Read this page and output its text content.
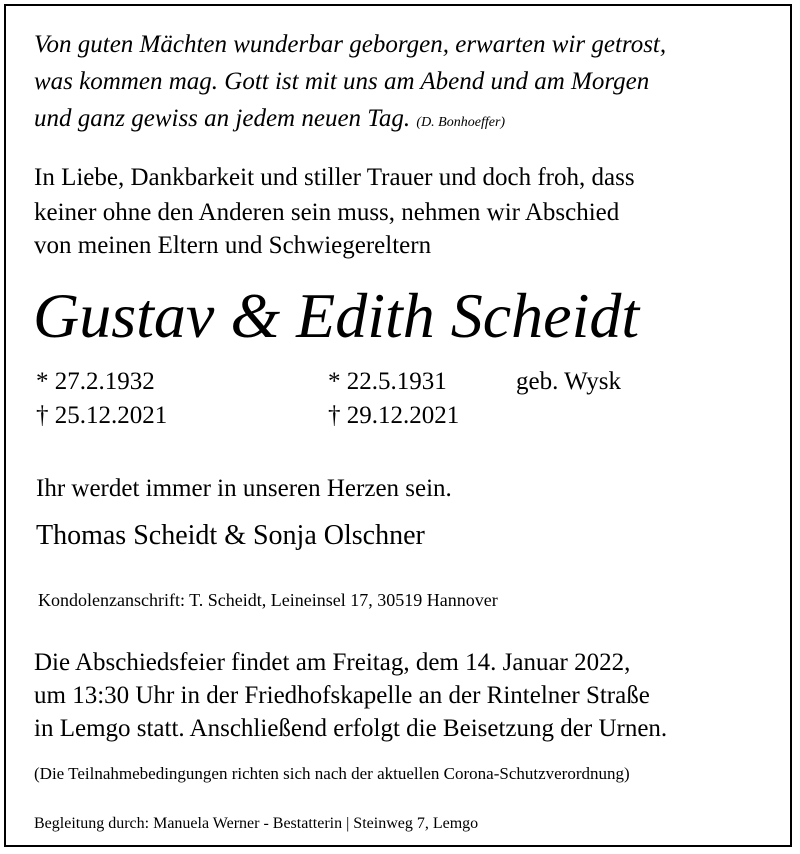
Von guten Mächten wunderbar geborgen, erwarten wir getrost,
was kommen mag. Gott ist mit uns am Abend und am Morgen
und ganz gewiss an jedem neuen Tag. (D. Bonhoeffer)
In Liebe, Dankbarkeit und stiller Trauer und doch froh, dass
keiner ohne den Anderen sein muss, nehmen wir Abschied
von meinen Eltern und Schwiegereltern
Gustav & Edith Scheidt
* 27.2.1932
† 25.12.2021
* 22.5.1931
† 29.12.2021
geb. Wysk
Ihr werdet immer in unseren Herzen sein.
Thomas Scheidt & Sonja Olschner
Kondolenzanschrift: T. Scheidt, Leineinsel 17, 30519 Hannover
Die Abschiedsfeier findet am Freitag, dem 14. Januar 2022,
um 13:30 Uhr in der Friedhofskapelle an der Rintelner Straße
in Lemgo statt. Anschließend erfolgt die Beisetzung der Urnen.
(Die Teilnahmebedingungen richten sich nach der aktuellen Corona-Schutzverordnung)
Begleitung durch: Manuela Werner - Bestatterin | Steinweg 7, Lemgo
